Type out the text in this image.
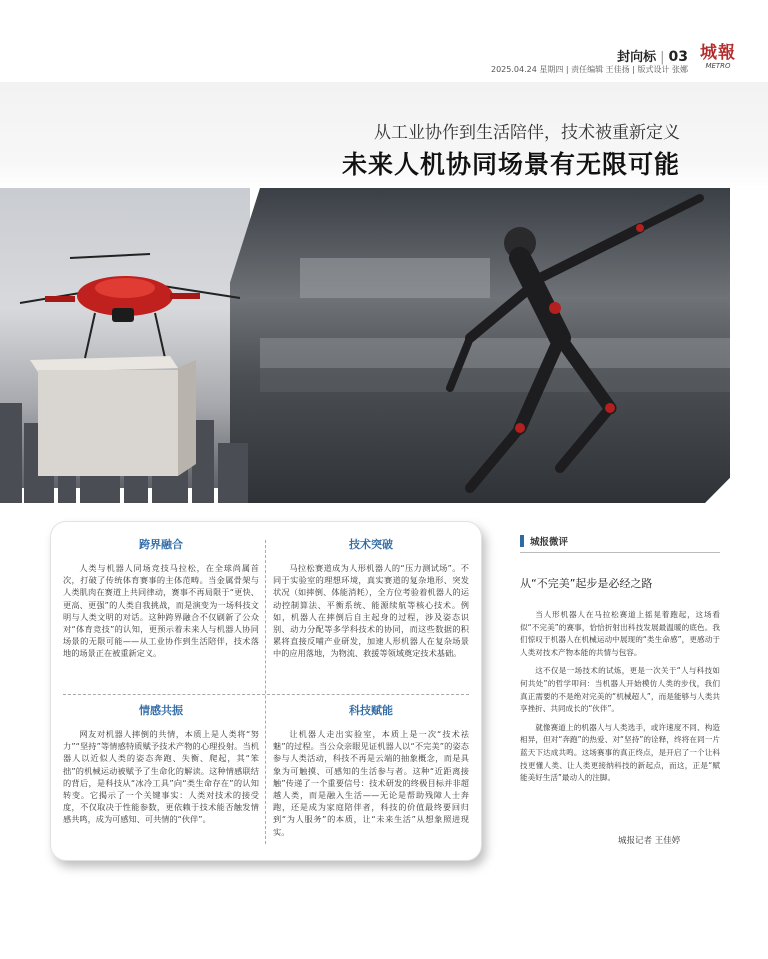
封向标 | 03 城報
METRO
2025.04.24 星期四 | 责任编辑 王佳扬 | 版式设计 张娜
从工业协作到生活陪伴，技术被重新定义
未来人机协同场景有无限可能
跨界融合
人类与机器人同场竞技马拉松，在全球尚属首次，打破了传统体育赛事的主体范畴。当金属骨架与人类肌肉在赛道上共同律动，赛事不再局限于“更快、更高、更强”的人类自我挑战，而是演变为一场科技文明与人类文明的对话。这种跨界融合不仅刷新了公众对“体育竞技”的认知，更预示着未来人与机器人协同场景的无限可能——从工业协作到生活陪伴，技术落地的场景正在被重新定义。
技术突破
马拉松赛道成为人形机器人的“压力测试场”。不同于实验室的理想环境，真实赛道的复杂地形、突发状况（如摔倒、体能消耗），全方位考验着机器人的运动控制算法、平衡系统、能源续航等核心技术。例如，机器人在摔倒后自主起身的过程，涉及姿态识别、动力分配等多学科技术的协同，而这些数据的积累将直接反哺产业研发，加速人形机器人在复杂场景中的应用落地，为物流、救援等领域奠定技术基础。
情感共振
网友对机器人摔倒的共情，本质上是人类将“努力”“坚持”等情感特质赋予技术产物的心理投射。当机器人以近似人类的姿态奔跑、失衡、爬起，其“笨拙”的机械运动被赋予了生命化的解读。这种情感联结的背后，是科技从“冰冷工具”向“类生命存在”的认知转变。它揭示了一个关键事实：人类对技术的接受度，不仅取决于性能参数，更依赖于技术能否触发情感共鸣，成为可感知、可共情的“伙伴”。
科技赋能
让机器人走出实验室，本质上是一次“技术祛魅”的过程。当公众亲眼见证机器人以“不完美”的姿态参与人类活动，科技不再是云端的抽象概念，而是具象为可触摸、可感知的生活参与者。这种“近距离接触”传递了一个重要信号：技术研发的终极目标并非超越人类，而是融入生活——无论是帮助残障人士奔跑，还是成为家庭陪伴者，科技的价值最终要回归到“为人服务”的本质，让“未来生活”从想象照进现实。
城报微评
从“不完美”起步是必经之路

当人形机器人在马拉松赛道上摇晃着跑起，这场看似“不完美”的赛事，恰恰折射出科技发展最温暖的底色。我们惊叹于机器人在机械运动中展现的“类生命感”，更感动于人类对技术产物本能的共情与包容。

这不仅是一场技术的试炼，更是一次关于“人与科技如何共处”的哲学叩问：当机器人开始模仿人类的步伐，我们真正需要的不是绝对完美的“机械超人”，而是能够与人类共享挫折、共同成长的“伙伴”。

就像赛道上的机器人与人类选手，或许速度不同、构造相异，但对“奔跑”的热爱、对“坚持”的诠释，终将在同一片蓝天下达成共鸣。这场赛事的真正终点，是开启了一个让科技更懂人类、让人类更接纳科技的新起点，而这，正是“赋能美好生活”最动人的注脚。

城报记者 王佳婷
